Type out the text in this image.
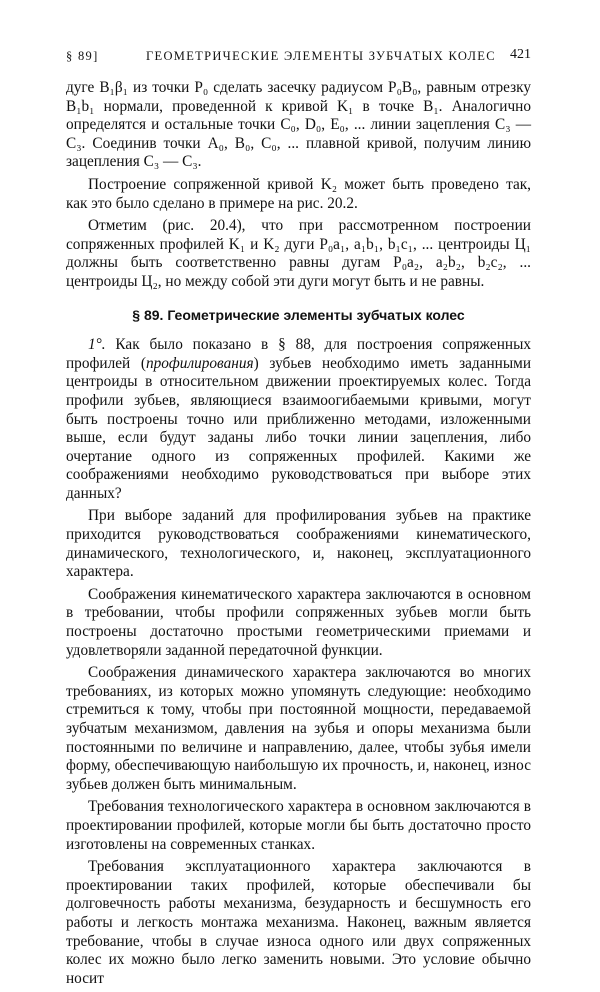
§ 89]	ГЕОМЕТРИЧЕСКИЕ ЭЛЕМЕНТЫ ЗУБЧАТЫХ КОЛЕС 421

дуге B₁β₁ из точки P₀ сделать засечку радиусом P₀B₀, равным отрезку B₁b₁ нормали, проведенной к кривой K₁ в точке B₁. Аналогично определятся и остальные точки C₀, D₀, E₀, ... линии зацепления C₃ — C₃. Соединив точки A₀, B₀, C₀, ... плавной кривой, получим линию зацепления C₃ — C₃.

Построение сопряженной кривой K₂ может быть проведено так, как это было сделано в примере на рис. 20.2.

Отметим (рис. 20.4), что при рассмотренном построении сопряженных профилей K₁ и K₂ дуги P₀a₁, a₁b₁, b₁c₁, ... центроиды Ц₁ должны быть соответственно равны дугам P₀a₂, a₂b₂, b₂c₂, ... центроиды Ц₂, но между собой эти дуги могут быть и не равны.

§ 89. Геометрические элементы зубчатых колес

1°. Как было показано в § 88, для построения сопряженных профилей (профилирования) зубьев необходимо иметь заданными центроиды в относительном движении проектируемых колес. Тогда профили зубьев, являющиеся взаимоогибаемыми кривыми, могут быть построены точно или приближенно методами, изложенными выше, если будут заданы либо точки линии зацепления, либо очертание одного из сопряженных профилей. Какими же соображениями необходимо руководствоваться при выборе этих данных?

При выборе заданий для профилирования зубьев на практике приходится руководствоваться соображениями кинематического, динамического, технологического, и, наконец, эксплуатационного характера.

Соображения кинематического характера заключаются в основном в требовании, чтобы профили сопряженных зубьев могли быть построены достаточно простыми геометрическими приемами и удовлетворяли заданной передаточной функции.

Соображения динамического характера заключаются во многих требованиях, из которых можно упомянуть следующие: необходимо стремиться к тому, чтобы при постоянной мощности, передаваемой зубчатым механизмом, давления на зубья и опоры механизма были постоянными по величине и направлению, далее, чтобы зубья имели форму, обеспечивающую наибольшую их прочность, и, наконец, износ зубьев должен быть минимальным.

Требования технологического характера в основном заключаются в проектировании профилей, которые могли бы быть достаточно просто изготовлены на современных станках.

Требования эксплуатационного характера заключаются в проектировании таких профилей, которые обеспечивали бы долговечность работы механизма, безударность и бесшумность его работы и легкость монтажа механизма. Наконец, важным является требование, чтобы в случае износа одного или двух сопряженных колес их можно было легко заменить новыми. Это условие обычно носит
